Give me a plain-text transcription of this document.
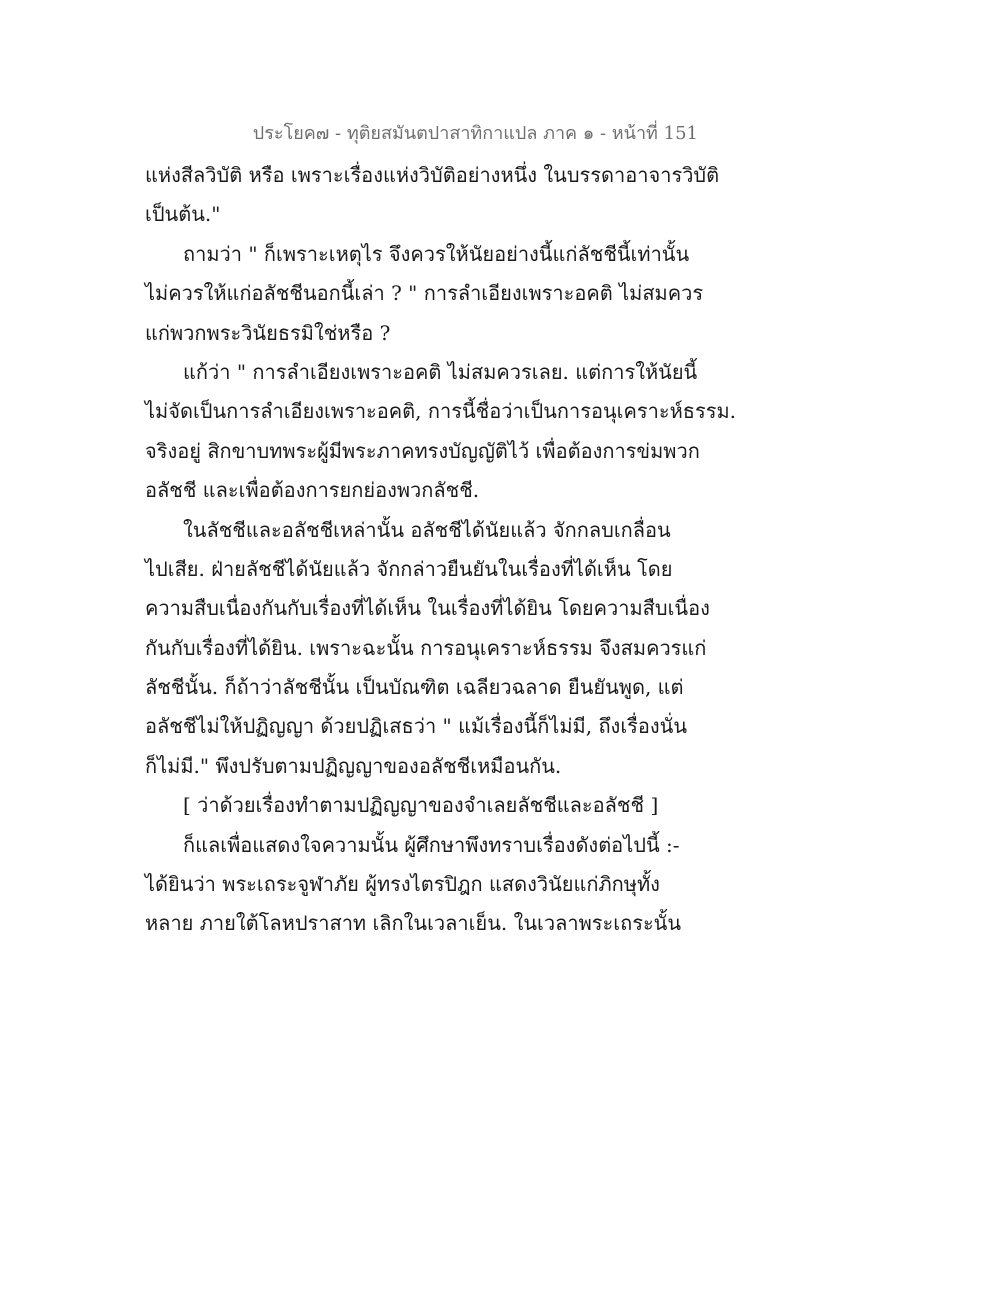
ประโยค๗ - ทุติยสมันตปาสาทิกาแปล ภาค ๑ - หน้าที่ 151
แห่งสีลวิบัติ หรือ เพราะเรื่องแห่งวิบัติอย่างหนึ่ง ในบรรดาอาจารวิบัติ
เป็นต้น."
ถามว่า " ก็เพราะเหตุไร จึงควรให้นัยอย่างนี้แก่ลัชชีนี้เท่านั้น
ไม่ควรให้แก่อลัชชีนอกนี้เล่า ? " การลำเอียงเพราะอคติ ไม่สมควร
แก่พวกพระวินัยธรมิใช่หรือ ?
แก้ว่า " การลำเอียงเพราะอคติ ไม่สมควรเลย. แต่การให้นัยนี้
ไม่จัดเป็นการลำเอียงเพราะอคติ, การนี้ชื่อว่าเป็นการอนุเคราะห์ธรรม.
จริงอยู่ สิกขาบทพระผู้มีพระภาคทรงบัญญัติไว้ เพื่อต้องการข่มพวก
อลัชชี และเพื่อต้องการยกย่องพวกลัชชี.
ในลัชชีและอลัชชีเหล่านั้น อลัชชีได้นัยแล้ว จักกลบเกลื่อน
ไปเสีย. ฝ่ายลัชชีได้นัยแล้ว จักกล่าวยืนยันในเรื่องที่ได้เห็น โดย
ความสืบเนื่องกันกับเรื่องที่ได้เห็น ในเรื่องที่ได้ยิน โดยความสืบเนื่อง
กันกับเรื่องที่ได้ยิน. เพราะฉะนั้น การอนุเคราะห์ธรรม จึงสมควรแก่
ลัชชีนั้น. ก็ถ้าว่าลัชชีนั้น เป็นบัณฑิต เฉลียวฉลาด ยืนยันพูด, แต่
อลัชชีไม่ให้ปฏิญญา ด้วยปฏิเสธว่า " แม้เรื่องนี้ก็ไม่มี, ถึงเรื่องนั่น
ก็ไม่มี." พึงปรับตามปฏิญญาของอลัชชีเหมือนกัน.
[ ว่าด้วยเรื่องทำตามปฏิญญาของจำเลยลัชชีและอลัชชี ]
ก็แลเพื่อแสดงใจความนั้น ผู้ศึกษาพึงทราบเรื่องดังต่อไปนี้ :-
ได้ยินว่า พระเถระจูฬาภัย ผู้ทรงไตรปิฎก แสดงวินัยแก่ภิกษุทั้ง
หลาย ภายใต้โลหปราสาท เลิกในเวลาเย็น. ในเวลาพระเถระนั้น
